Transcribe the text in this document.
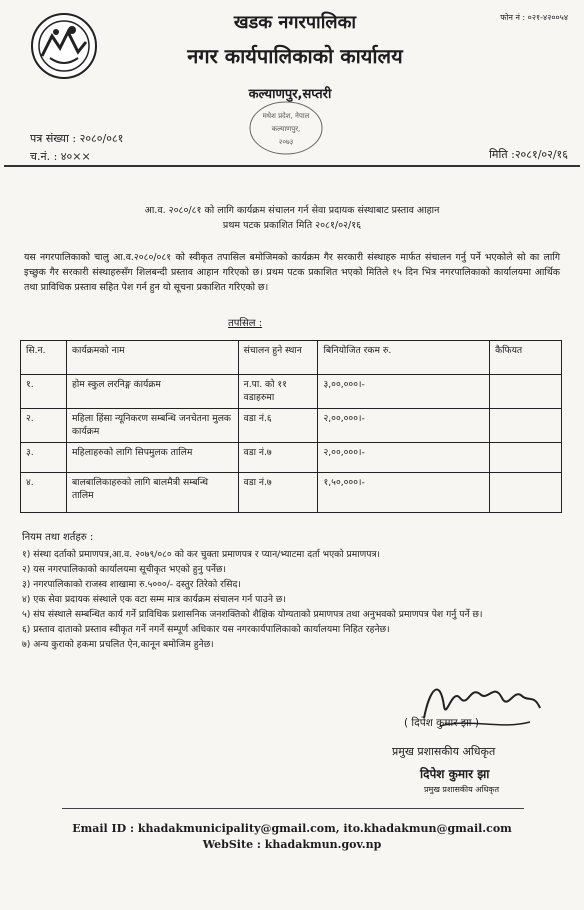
फोन नं : ०२१-४२००५४
खडक नगरपालिका
नगर कार्यपालिकाको कार्यालय
कल्याणपुर,सप्तरी
मधेश प्रदेश, नेपाल
कल्याणपुर,
२०७३
पत्र संख्या : २०८०/०८१
च.नं. : ४०××	मिति :२०८१/०२/१६
आ.व. २०८०/८१ को लागि कार्यक्रम संचालन गर्न सेवा प्रदायक संस्थाबाट प्रस्ताव आहान
प्रथम पटक प्रकाशित मिति २०८१/०२/१६
यस नगरपालिकाको चालु आ.व.२०८०/०८१ को स्वीकृत तपासिल बमोजिमको कार्यक्रम गैर सरकारी संस्थाहरु मार्फत संचालन गर्नु पर्ने भएकोले सो का लागि इच्छुक गैर सरकारी संस्थाहरुसँग शिलबन्दी प्रस्ताव आहान गरिएको छ। प्रथम पटक प्रकाशित भएको मितिले १५ दिन भित्र नगरपालिकाको कार्यालयमा आर्थिक तथा प्राविधिक प्रस्ताव सहित पेश गर्न हुन यो सूचना प्रकाशित गरिएको छ।
तपसिल :
सि.न.	कार्यक्रमको नाम	संचालन हुने स्थान	बिनियोजित रकम रु.	कैफियत
१.	होम स्कुल लरनिङ्ग कार्यक्रम	न.पा. को ११ वडाहरुमा	३,००,०००।-	
२.	महिला हिंसा न्यूनिकरण सम्बन्धि जनचेतना मुलक कार्यक्रम	वडा नं.६	२,००,०००।-	
३.	महिलाहरुको लागि सिपमुलक तालिम	वडा नं.७	२,००,०००।-	
४.	बालबालिकाहरुको लागि बालमैत्री सम्बन्धि तालिम	वडा नं.७	१,५०,०००।-	
नियम तथा शर्तहरु :

१) संस्था दर्ताको प्रमाणपत्र,आ.व. २०७९/०८० को कर चुक्ता प्रमाणपत्र र प्यान/भ्याटमा दर्ता भएको प्रमाणपत्र।

२) यस नगरपालिकाको कार्यालयमा सूचीकृत भएको हुनु पर्नेछ।

३) नगरपालिकाको राजस्व शाखामा रु.५०००/- दस्तुर तिरेको रसिद।

४) एक सेवा प्रदायक संस्थाले एक वटा सम्म मात्र कार्यक्रम संचालन गर्न पाउने छ।

५) संघ संस्थाले सम्बन्धित कार्य गर्ने प्राविधिक प्रशासनिक जनशक्तिको शैक्षिक योग्यताको प्रमाणपत्र तथा अनुभवको प्रमाणपत्र पेश गर्नु पर्ने छ।

६) प्रस्ताव दाताको प्रस्ताव स्वीकृत गर्ने नगर्ने सम्पूर्ण अधिकार यस नगरकार्यपालिकाको कार्यालयमा निहित रहनेछ।

७) अन्य कुराको हकमा प्रचलित ऐन,कानून बमोजिम हुनेछ।

( दिपेश कुमार झा )
प्रमुख प्रशासकीय अधिकृत
दिपेश कुमार झा
प्रमुख प्रशासकीय अधिकृत
Email ID : khadakmunicipality@gmail.com, ito.khadakmun@gmail.com
WebSite : khadakmun.gov.np
